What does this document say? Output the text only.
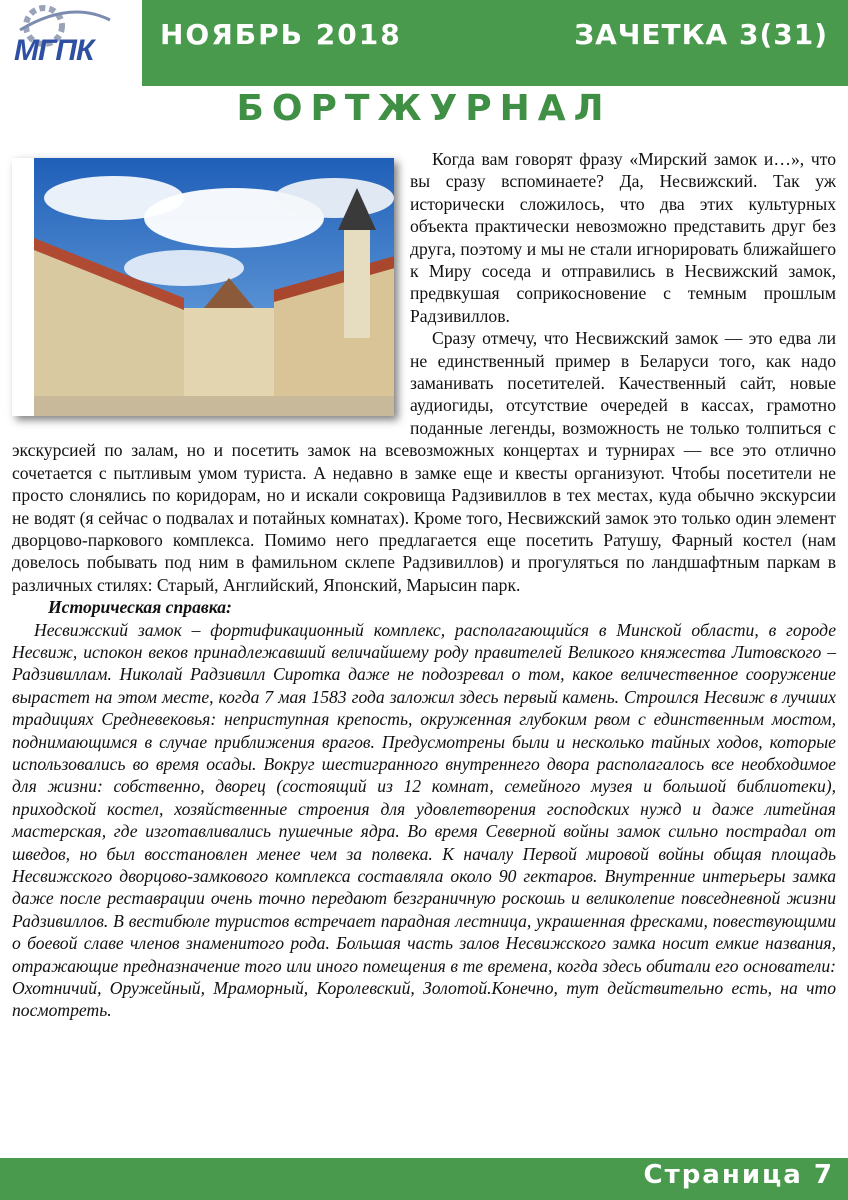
МГПК НОЯБРЬ 2018	ЗАЧЕТКА 3(31)
БОРТЖУРНАЛ

Когда вам говорят фразу «Мирский замок и…», что вы сразу вспоминаете? Да, Несвижский. Так уж исторически сложилось, что два этих культурных объекта практически невозможно представить друг без друга, поэтому и мы не стали игнорировать ближайшего к Миру соседа и отправились в Несвижский замок, предвкушая соприкосновение с темным прошлым Радзивиллов.

Сразу отмечу, что Несвижский замок — это едва ли не единственный пример в Беларуси того, как надо заманивать посетителей. Качественный сайт, новые аудиогиды, отсутствие очередей в кассах, грамотно поданные легенды, возможность не только толпиться с экскурсией по залам, но и посетить замок на всевозможных концертах и турнирах — все это отлично сочетается с пытливым умом туриста. А недавно в замке еще и квесты организуют. Чтобы посетители не просто слонялись по коридорам, но и искали сокровища Радзивиллов в тех местах, куда обычно экскурсии не водят (я сейчас о подвалах и потайных комнатах). Кроме того, Несвижский замок это только один элемент дворцово-паркового комплекса. Помимо него предлагается еще посетить Ратушу, Фарный костел (нам довелось побывать под ним в фамильном склепе Радзивиллов) и прогуляться по ландшафтным паркам в различных стиляx: Старый, Английский, Японский, Марысин парк.

Историческая справка:

Несвижский замок – фортификационный комплекс, располагающийся в Минской области, в городе Несвиж, испокон веков принадлежавший величайшему роду правителей Великого княжества Литовского – Радзивиллам. Николай Радзивилл Сиротка даже не подозревал о том, какое величественное сооружение вырастет на этом месте, когда 7 мая 1583 года заложил здесь первый камень. Строился Несвиж в лучших традициях Средневековья: неприступная крепость, окруженная глубоким рвом с единственным мостом, поднимающимся в случае приближения врагов. Предусмотрены были и несколько тайных ходов, которые использовались во время осады. Вокруг шестигранного внутреннего двора располагалось все необходимое для жизни: собственно, дворец (состоящий из 12 комнат, семейного музея и большой библиотеки), приходской костел, хозяйственные строения для удовлетворения господских нужд и даже литейная мастерская, где изготавливались пушечные ядра. Во время Северной войны замок сильно пострадал от шведов, но был восстановлен менее чем за полвека. К началу Первой мировой войны общая площадь Несвижского дворцово-замкового комплекса составляла около 90 гектаров. Внутренние интерьеры замка даже после реставрации очень точно передают безграничную роскошь и великолепие повседневной жизни Радзивиллов. В вестибюле туристов встречает парадная лестница, украшенная фресками, повествующими о боевой славе членов знаменитого рода. Большая часть залов Несвижского замка носит емкие названия, отражающие предназначение того или иного помещения в те времена, когда здесь обитали его основатели: Охотничий, Оружейный, Мраморный, Королевский, Золотой.Конечно, тут действительно есть, на что посмотреть.

Страница 7
